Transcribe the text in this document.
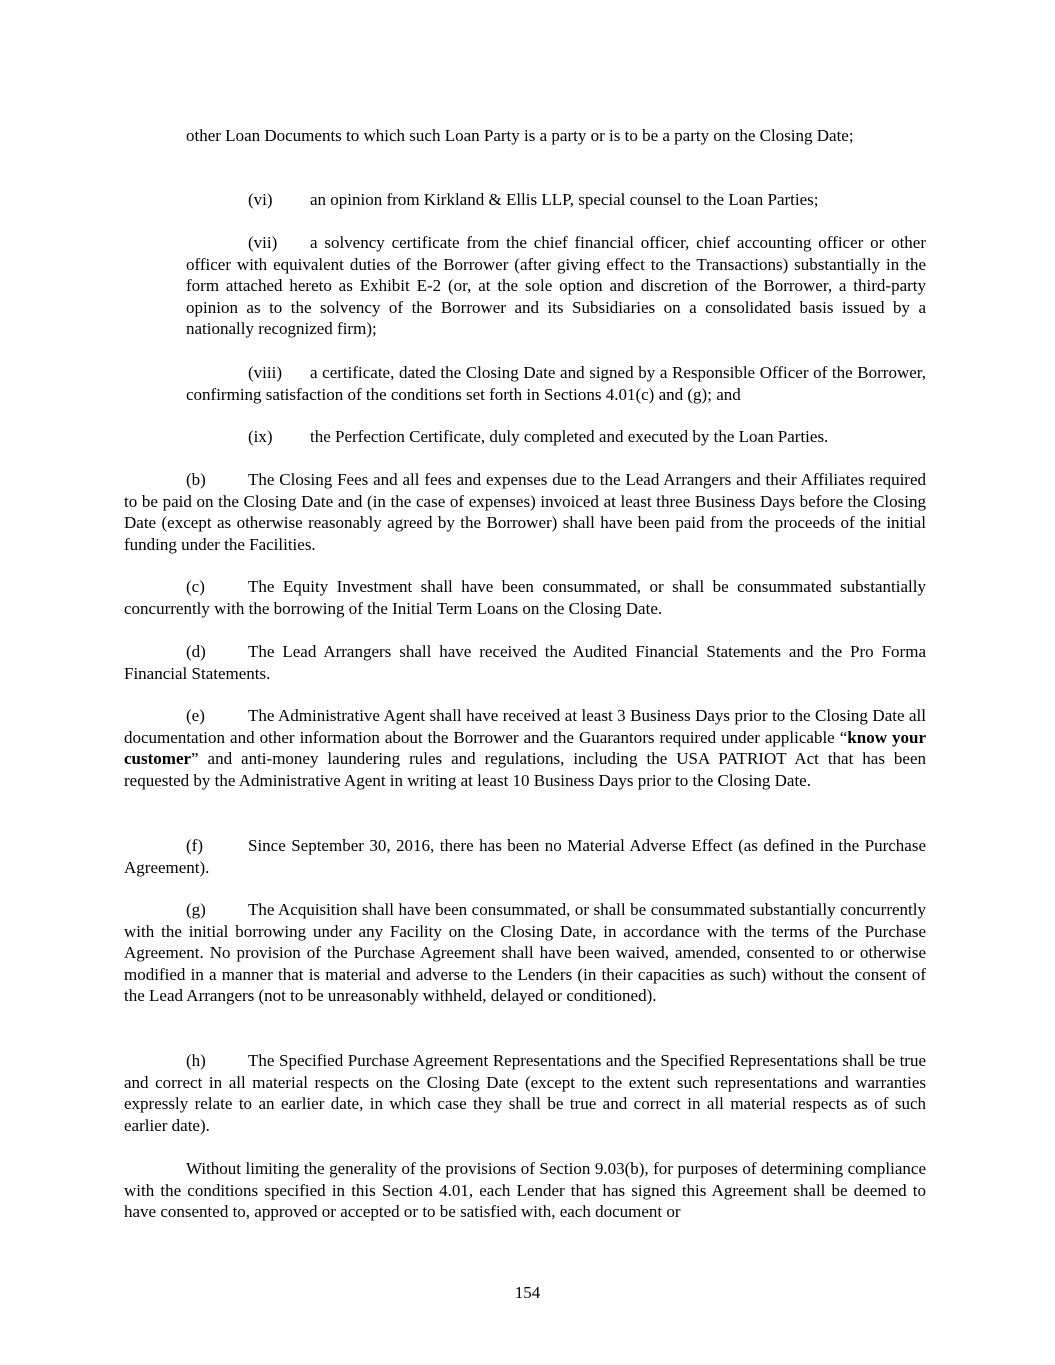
other Loan Documents to which such Loan Party is a party or is to be a party on the Closing Date;

(vi) an opinion from Kirkland & Ellis LLP, special counsel to the Loan Parties;

(vii) a solvency certificate from the chief financial officer, chief accounting officer or other officer with equivalent duties of the Borrower (after giving effect to the Transactions) substantially in the form attached hereto as Exhibit E-2 (or, at the sole option and discretion of the Borrower, a third-party opinion as to the solvency of the Borrower and its Subsidiaries on a consolidated basis issued by a nationally recognized firm);

(viii) a certificate, dated the Closing Date and signed by a Responsible Officer of the Borrower, confirming satisfaction of the conditions set forth in Sections 4.01(c) and (g); and

(ix) the Perfection Certificate, duly completed and executed by the Loan Parties.

(b) The Closing Fees and all fees and expenses due to the Lead Arrangers and their Affiliates required to be paid on the Closing Date and (in the case of expenses) invoiced at least three Business Days before the Closing Date (except as otherwise reasonably agreed by the Borrower) shall have been paid from the proceeds of the initial funding under the Facilities.

(c)	The Equity Investment shall have been consummated, or shall be consummated substantially concurrently with the borrowing of the Initial Term Loans on the Closing Date.

(d) The Lead Arrangers shall have received the Audited Financial Statements and the Pro Forma Financial Statements.

(e)	The Administrative Agent shall have received at least 3 Business Days prior to the Closing Date all documentation and other information about the Borrower and the Guarantors required under applicable “know your customer” and anti-money laundering rules and regulations, including the USA PATRIOT Act that has been requested by the Administrative Agent in writing at least 10 Business Days prior to the Closing Date.

(f)	Since September 30, 2016, there has been no Material Adverse Effect (as defined in the Purchase Agreement).

(g) The Acquisition shall have been consummated, or shall be consummated substantially concurrently with the initial borrowing under any Facility on the Closing Date, in accordance with the terms of the Purchase Agreement. No provision of the Purchase Agreement shall have been waived, amended, consented to or otherwise modified in a manner that is material and adverse to the Lenders (in their capacities as such) without the consent of the Lead Arrangers (not to be unreasonably withheld, delayed or conditioned).

(h) The Specified Purchase Agreement Representations and the Specified Representations shall be true and correct in all material respects on the Closing Date (except to the extent such representations and warranties expressly relate to an earlier date, in which case they shall be true and correct in all material respects as of such earlier date).

Without limiting the generality of the provisions of Section 9.03(b), for purposes of determining compliance with the conditions specified in this Section 4.01, each Lender that has signed this Agreement shall be deemed to have consented to, approved or accepted or to be satisfied with, each document or

154
